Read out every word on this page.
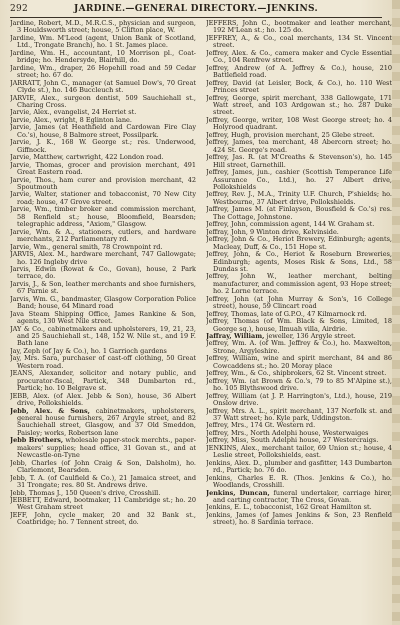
292	JARDINE.—GENERAL DIRECTORY.—JENKINS.

Jardine, Robert, M.D., M.R.C.S., physician and surgeon, 3 Houldsworth street; house, 5 Clifton place, W.

Jardine, Wm. M'Leod (agent, Union Bank of Scotland, Ltd., Trongate Branch), ho. 1 St. James place.

Jardine, Wm. H., accountant, 10 Morrison pl., Coat-bridge; ho. Hendersyde, Blairhill, do.

Jardine, Wm., draper, 26 Hopehill road and 59 Cedar street; ho. 67 do.

JARRATT, John C., manager (at Samuel Dow's, 70 Great Clyde st.), ho. 146 Buccleuch st.

JARVIE, Alex., surgeon dentist, 509 Sauchiehall st., Charing Cross.

Jarvie, Alex., evangelist, 24 Herriet st.

Jarvie, Alex., wright, 8 Eglinton lane.

Jarvie, James (at Heathfield and Cardowan Fire Clay Co.'s), house, 8 Balmore street, Possilpark.

Jarvie, J. K., 168 W. George st.; res. Underwood, Giffnock.

Jarvie, Matthew, cartwright, 422 London road.

Jarvie, Thomas, grocer and provision merchant, 491 Great Eastern road.

Jarvie, Thos., ham curer and provision merchant, 42 Spoutmouth

Jarvie, Walter, stationer and tobacconist, 70 New City road; house, 47 Grove street.

Jarvie, Wm., timber broker and commission merchant, 58 Renfield st.; house, Bloomfield, Bearsden; telegraphic address, "Axiom," Glasgow.

Jarvie, Wm. & A., stationers, cutlers, and hardware merchants, 212 Parliamentary rd.

Jarvie, Wm., general smith, 78 Crownpoint rd.

JARVIS, Alex. M., hardware merchant, 747 Gallowgate; ho. 126 Ingleby drive

Jarvis, Edwin (Rowat & Co., Govan), house, 2 Park terrace, do.

Jarvis, J., & Son, leather merchants and shoe furnishers, 67 Parnie st.

Jarvis, Wm. G., bandmaster, Glasgow Corporation Police Band; house, 64 Minard road

Java Steam Shipping Office, James Rankine & Son, agents, 130 West Nile street.

JAY & Co., cabinetmakers and upholsterers, 19, 21, 23, and 25 Sauchiehall st., 148, 152 W. Nile st., and 19 F. Bath lane

Jay, Zeph (of Jay & Co.), ho. 1 Garrioch gardens

Jay, Mrs. Sara, purchaser of cast-off clothing, 50 Great Western road.

JEANS, Alexander, solicitor and notary public, and procurator-fiscal, Partick, 348 Dumbarton rd., Partick; ho. 10 Belgrave st.

JEBB, Alex. (of Alex. Jebb & Son), house, 36 Albert drive, Pollokshields.

Jebb, Alex. & Sons, cabinetmakers, upholsterers, general house furnishers, 267 Argyle street, and 82 Sauchiehall street, Glasgow, and 37 Old Smeddon, Paisley; works, Robertson lane

Jebb Brothers, wholesale paper-stock merchts., paper-makers' supplies; head office, 31 Govan st., and at Newcastle-on-Tyne

Jebb, Charles (of John Craig & Son, Dalsholm), ho. Clarlemont, Bearsden.

Jebb, T. A. (of Caulfield & Co.), 21 Jamaica street, and 31 Trongate; res. 80 St. Andrews drive.

Jebb, Thomas J., 150 Queen's drive, Crosshill.

JEBBETT, Edward, bootmaker, 11 Cambridge st.; ho. 20 West Graham street

JEFF, John, cycle maker, 20 and 32 Bank st., Coatbridge; ho. 7 Tennent street, do.

JEFFERS, John C., bootmaker and leather merchant, 192 M'Lean st.; ho. 125 do.

JEFFREY, A., & Co., coal merchants, 134 St. Vincent street.

Jeffrey, Alex. & Co., camera maker and Cycle Essential Co., 104 Renfrew street.

Jeffrey, Andrew (of A. Jeffrey & Co.), house, 210 Battlefield road.

Jeffrey, David (at Leisler, Bock, & Co.), ho. 110 West Princes street

Jeffrey, George, spirit merchant, 338 Gallowgate, 171 Watt street, and 103 Ardgowan st.; ho. 287 Duke street.

Jeffrey, George, writer, 108 West George street; ho. 4 Holyrood quadrant.

Jeffrey, Hugh, provision merchant, 25 Glebe street.

Jeffrey, James, tea merchant, 48 Abercorn street; ho. 424 St. George's road.

Jeffrey, Jas. R. (at M'Creaths & Stevenson's), ho. 145 Hill street, Garnethill.

Jeffrey, James, jun., cashier (Scottish Temperance Life Assurance Co., Ltd.), ho. 27 Albert drive, Pollokshields

Jeffrey, Rev. J., M.A., Trinity U.F. Church, P'shields; ho. Westbourne, 37 Albert drive, Pollokshields.

Jaffrey, James M. (at Finlayson, Bousfield & Co.'s) res. The Cottage, Johnstone.

Jeffrey, John, commission agent, 144 W. Graham st.

Jeffray, John, 9 Winton drive, Kelvinside.

Jeffrey, John & Co., Heriot Brewery, Edinburgh; agents, Macleay, Duff, & Co., 151 Hope st.

Jeffrey, John, & Co., Heriot & Roseburn Breweries, Edinburgh; agents, Moses Risk & Sons, Ltd., 58 Dundas st.

Jeffrey, John W., leather merchant, belting manufacturer, and commission agent, 93 Hope street; ho. 2 Lorne terrace.

Jeffrey, John (at John Murray & Son's, 16 College street), house, 59 Clincart road

Jeffrey, Thomas, late of G.P.O., 47 Kilmarnock rd.

Jeffrey, Thomas (of Wm. Black & Sons, Limited, 18 George sq.), house, Ilmuah villa, Airdrie.

Jaffray, William, jeweller, 136 Argyle street.

Jeffrey, Wm. A. (of Wm. Jeffrey & Co.), ho. Maxwelton, Strone, Argyleshire.

Jeffrey, William, wine and spirit merchant, 84 and 86 Cowcaddens st.; ho. 20 Moray place

Jeffrey, Wm., & Co., shipbrokers, 62 St. Vincent street.

Jeffrey, Wm. (at Brown & Co.'s, 79 to 85 M'Alpine st.), ho. 105 Blythswood drive.

Jeffrey, William (at J. P. Harrington's, Ltd.), house, 219 Onslow drive.

Jeffrey, Mrs. A. L., spirit merchant, 137 Norfolk st. and 37 Watt street; ho. Kyle park, Uddingston.

Jeffrey, Mrs., 174 Gt. Western rd.

Jeffrey, Mrs., North Adelphi house, Westerwaiges

Jeffrey, Miss, South Adelphi house, 27 Westercraigs.

JENKINS, Alex., merchant tailor, 69 Union st.; house, 4 Leslie street, Pollokshields, east.

Jenkins, Alex. D., plumber and gasfitter, 143 Dumbarton rd., Partick; ho. 76 do.

Jenkins, Charles E. R. (Thos. Jenkins & Co.), ho. Woodlands, Crosshill.

Jenkins, Duncan, funeral undertaker, carriage hirer, and carting contractor, The Cross, Govan.

Jenkins, E. L., tobacconist, 162 Great Hamilton st.

Jenkins, James (of James Jenkins & Son, 23 Renfield street), ho. 8 Sardinia terrace.
